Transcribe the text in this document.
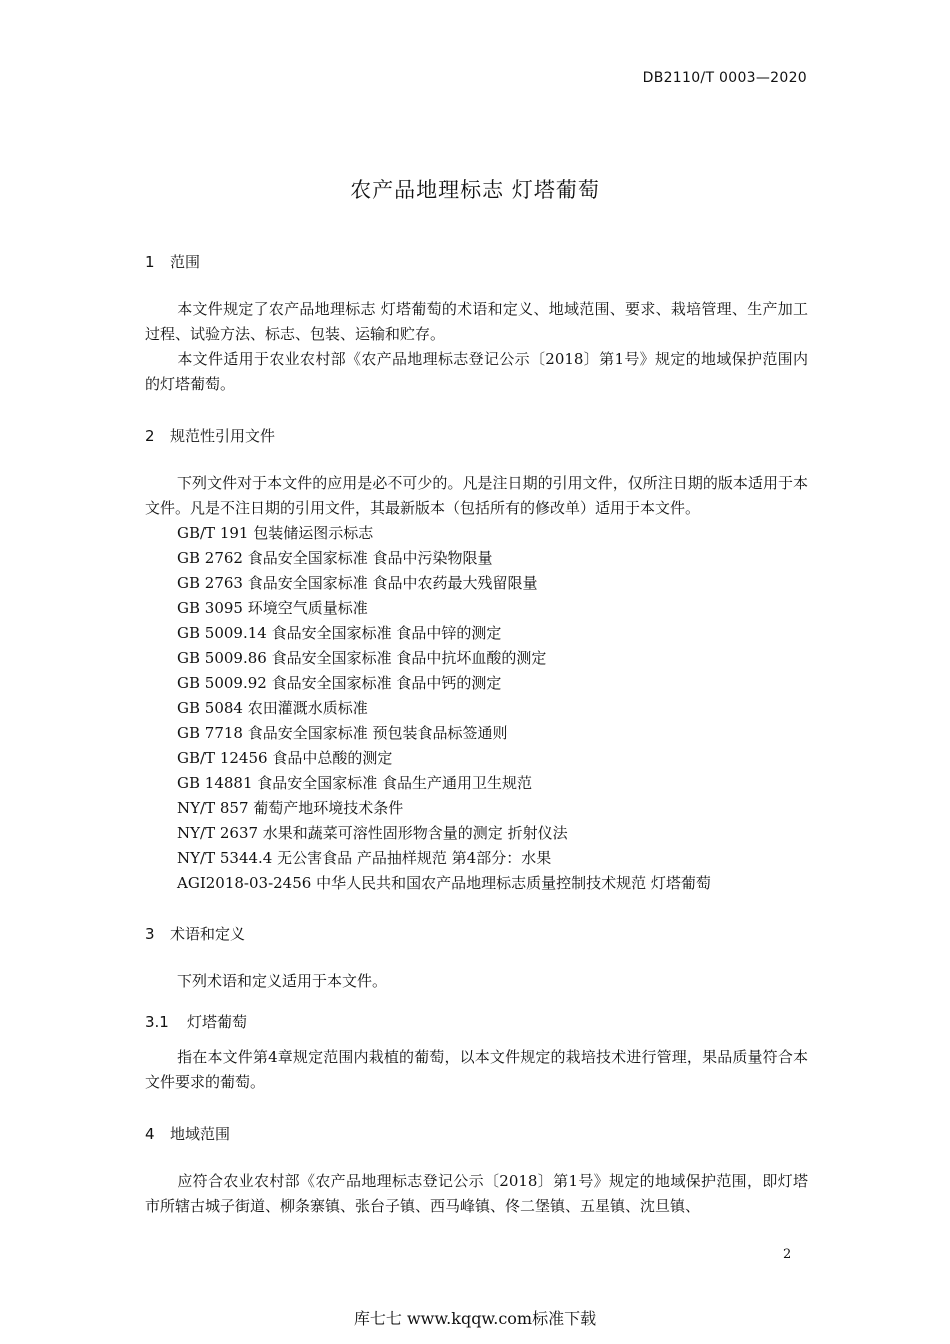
DB2110/T 0003—2020
农产品地理标志 灯塔葡萄
1 范围
本文件规定了农产品地理标志 灯塔葡萄的术语和定义、地域范围、要求、栽培管理、生产加工过程、试验方法、标志、包装、运输和贮存。
本文件适用于农业农村部《农产品地理标志登记公示〔2018〕第1号》规定的地域保护范围内的灯塔葡萄。
2 规范性引用文件
下列文件对于本文件的应用是必不可少的。凡是注日期的引用文件，仅所注日期的版本适用于本文件。凡是不注日期的引用文件，其最新版本（包括所有的修改单）适用于本文件。
GB/T 191 包装储运图示标志
GB 2762 食品安全国家标准 食品中污染物限量
GB 2763 食品安全国家标准 食品中农药最大残留限量
GB 3095 环境空气质量标准
GB 5009.14 食品安全国家标准 食品中锌的测定
GB 5009.86 食品安全国家标准 食品中抗坏血酸的测定
GB 5009.92 食品安全国家标准 食品中钙的测定
GB 5084 农田灌溉水质标准
GB 7718 食品安全国家标准 预包装食品标签通则
GB/T 12456 食品中总酸的测定
GB 14881 食品安全国家标准 食品生产通用卫生规范
NY/T 857 葡萄产地环境技术条件
NY/T 2637 水果和蔬菜可溶性固形物含量的测定 折射仪法
NY/T 5344.4 无公害食品 产品抽样规范 第4部分：水果
AGI2018-03-2456 中华人民共和国农产品地理标志质量控制技术规范 灯塔葡萄
3 术语和定义
下列术语和定义适用于本文件。
3.1 灯塔葡萄
指在本文件第4章规定范围内栽植的葡萄，以本文件规定的栽培技术进行管理，果品质量符合本文件要求的葡萄。
4 地域范围
应符合农业农村部《农产品地理标志登记公示〔2018〕第1号》规定的地域保护范围，即灯塔市所辖古城子街道、柳条寨镇、张台子镇、西马峰镇、佟二堡镇、五星镇、沈旦镇、
2
库七七 www.kqqw.com标准下载
